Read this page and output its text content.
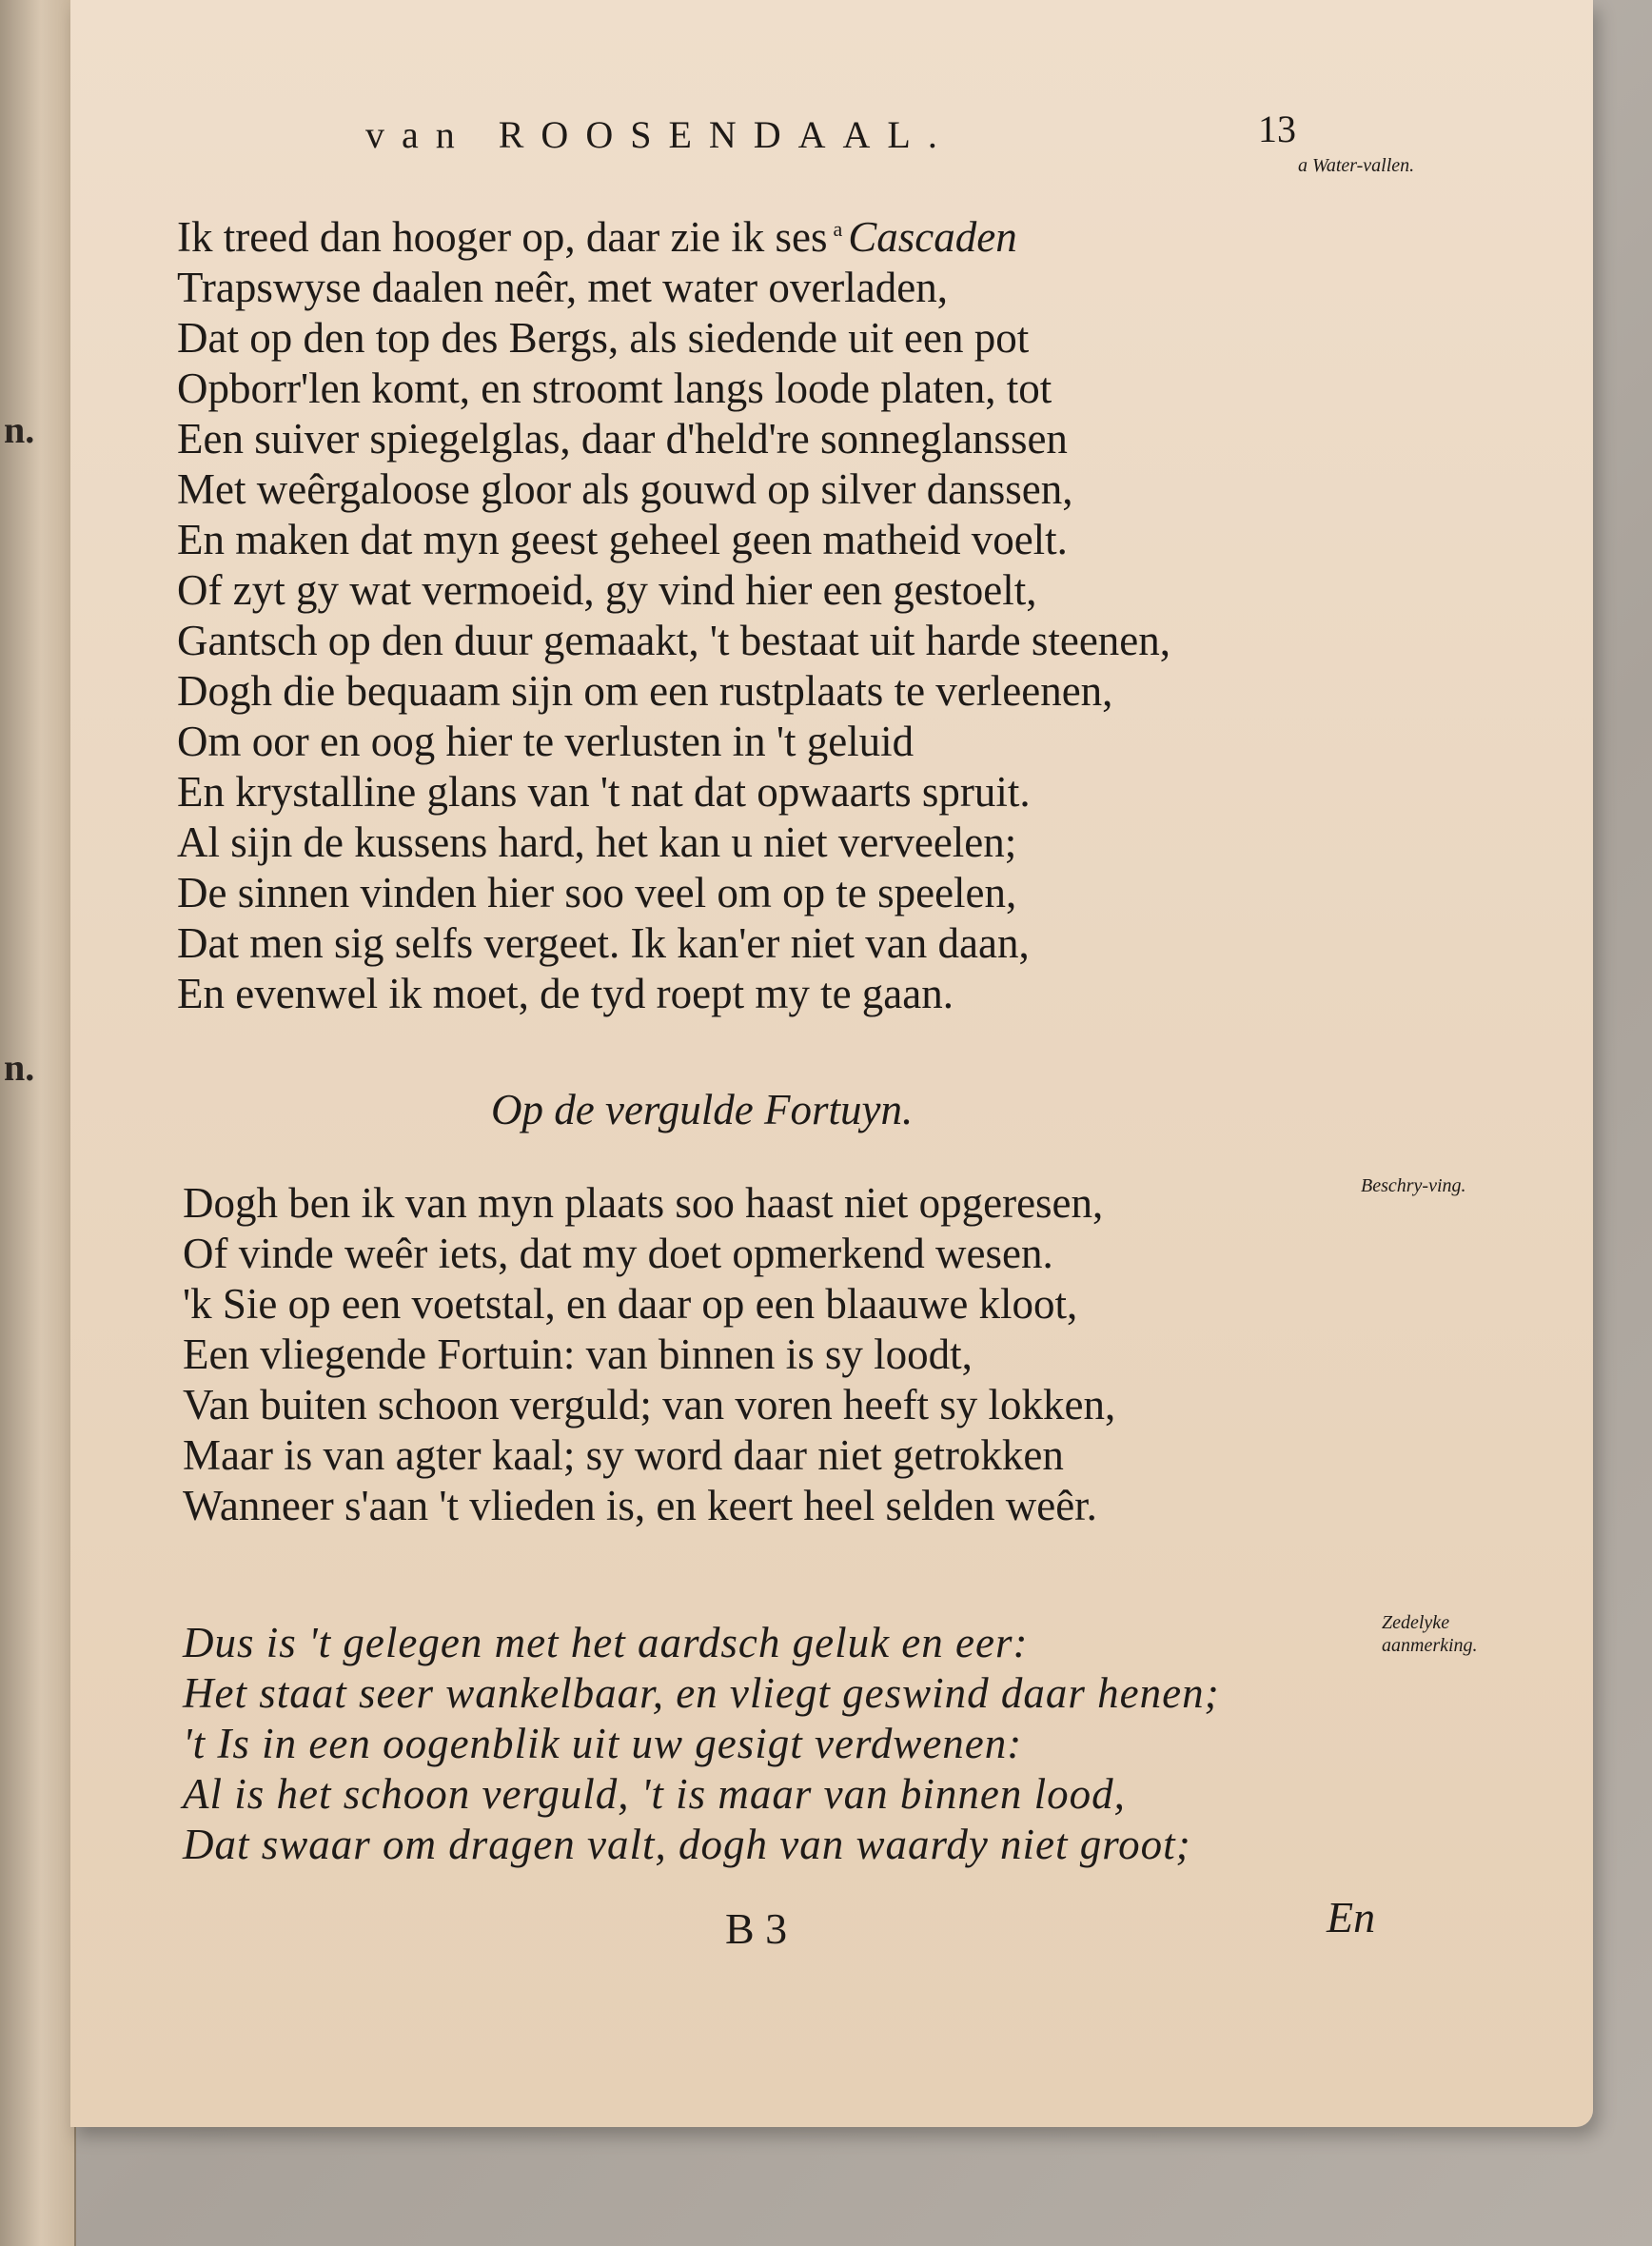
n.
n.
van ROOSENDAAL.	13
a Water-vallen.
Ik treed dan hooger op, daar zie ik ses $^a$ Cascaden
Trapswyse daalen neêr, met water overladen,
Dat op den top des Bergs, als siedende uit een pot
Opborr'len komt, en stroomt langs loode platen, tot
Een suiver spiegelglas, daar d'held're sonneglanssen
Met weêrgaloose gloor als gouwd op silver danssen,
En maken dat myn geest geheel geen matheid voelt.
Of zyt gy wat vermoeid, gy vind hier een gestoelt,
Gantsch op den duur gemaakt, 't bestaat uit harde steenen,
Dogh die bequaam sijn om een rustplaats te verleenen,
Om oor en oog hier te verlusten in 't geluid
En krystalline glans van 't nat dat opwaarts spruit.
Al sijn de kussens hard, het kan u niet verveelen;
De sinnen vinden hier soo veel om op te speelen,
Dat men sig selfs vergeet. Ik kan'er niet van daan,
En evenwel ik moet, de tyd roept my te gaan.
Op de vergulde Fortuyn.
Beschry-ving.
Dogh ben ik van myn plaats soo haast niet opgeresen,
Of vinde weêr iets, dat my doet opmerkend wesen.
'k Sie op een voetstal, en daar op een blaauwe kloot,
Een vliegende Fortuin: van binnen is sy loodt,
Van buiten schoon verguld; van voren heeft sy lokken,
Maar is van agter kaal; sy word daar niet getrokken
Wanneer s'aan 't vlieden is, en keert heel selden weêr.
Zedelyke aanmerking.
Dus is 't gelegen met het aardsch geluk en eer:
Het staat seer wankelbaar, en vliegt geswind daar henen;
't Is in een oogenblik uit uw gesigt verdwenen:
Al is het schoon verguld, 't is maar van binnen lood,
Dat swaar om dragen valt, dogh van waardy niet groot;
B 3	En
